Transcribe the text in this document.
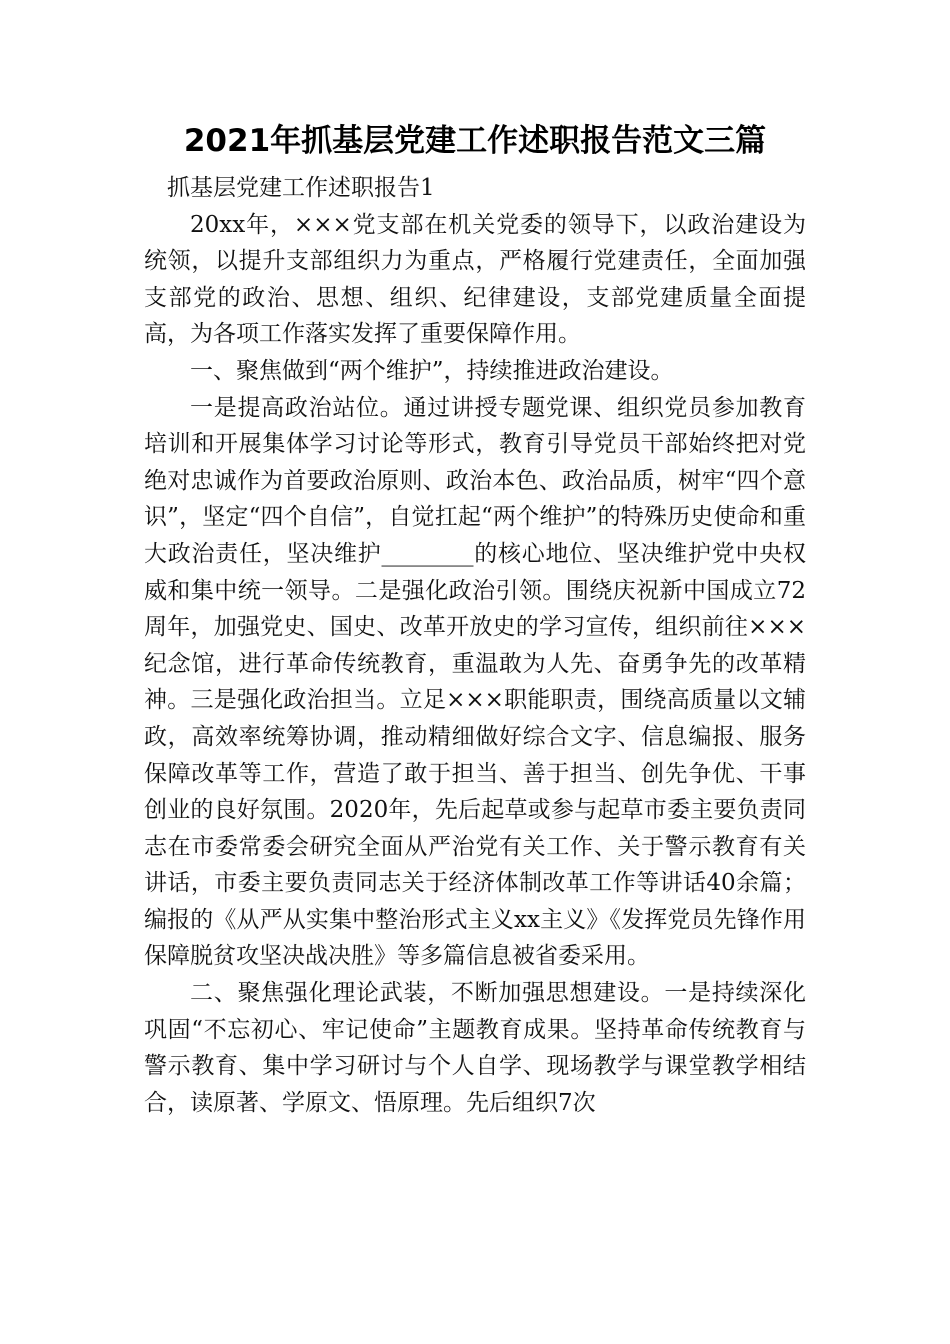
2021年抓基层党建工作述职报告范文三篇

抓基层党建工作述职报告1

20xx年，×××党支部在机关党委的领导下，以政治建设为统领，以提升支部组织力为重点，严格履行党建责任，全面加强支部党的政治、思想、组织、纪律建设，支部党建质量全面提高，为各项工作落实发挥了重要保障作用。

一、聚焦做到“两个维护”，持续推进政治建设。

一是提高政治站位。通过讲授专题党课、组织党员参加教育培训和开展集体学习讨论等形式，教育引导党员干部始终把对党绝对忠诚作为首要政治原则、政治本色、政治品质，树牢“四个意识”，坚定“四个自信”，自觉扛起“两个维护”的特殊历史使命和重大政治责任，坚决维护________的核心地位、坚决维护党中央权威和集中统一领导。二是强化政治引领。围绕庆祝新中国成立72周年，加强党史、国史、改革开放史的学习宣传，组织前往×××纪念馆，进行革命传统教育，重温敢为人先、奋勇争先的改革精神。三是强化政治担当。立足×××职能职责，围绕高质量以文辅政，高效率统筹协调，推动精细做好综合文字、信息编报、服务保障改革等工作，营造了敢于担当、善于担当、创先争优、干事创业的良好氛围。2020年，先后起草或参与起草市委主要负责同志在市委常委会研究全面从严治党有关工作、关于警示教育有关讲话，市委主要负责同志关于经济体制改革工作等讲话40余篇；编报的《从严从实集中整治形式主义xx主义》《发挥党员先锋作用保障脱贫攻坚决战决胜》等多篇信息被省委采用。

二、聚焦强化理论武装，不断加强思想建设。一是持续深化巩固“不忘初心、牢记使命”主题教育成果。坚持革命传统教育与警示教育、集中学习研讨与个人自学、现场教学与课堂教学相结合，读原著、学原文、悟原理。先后组织7次
